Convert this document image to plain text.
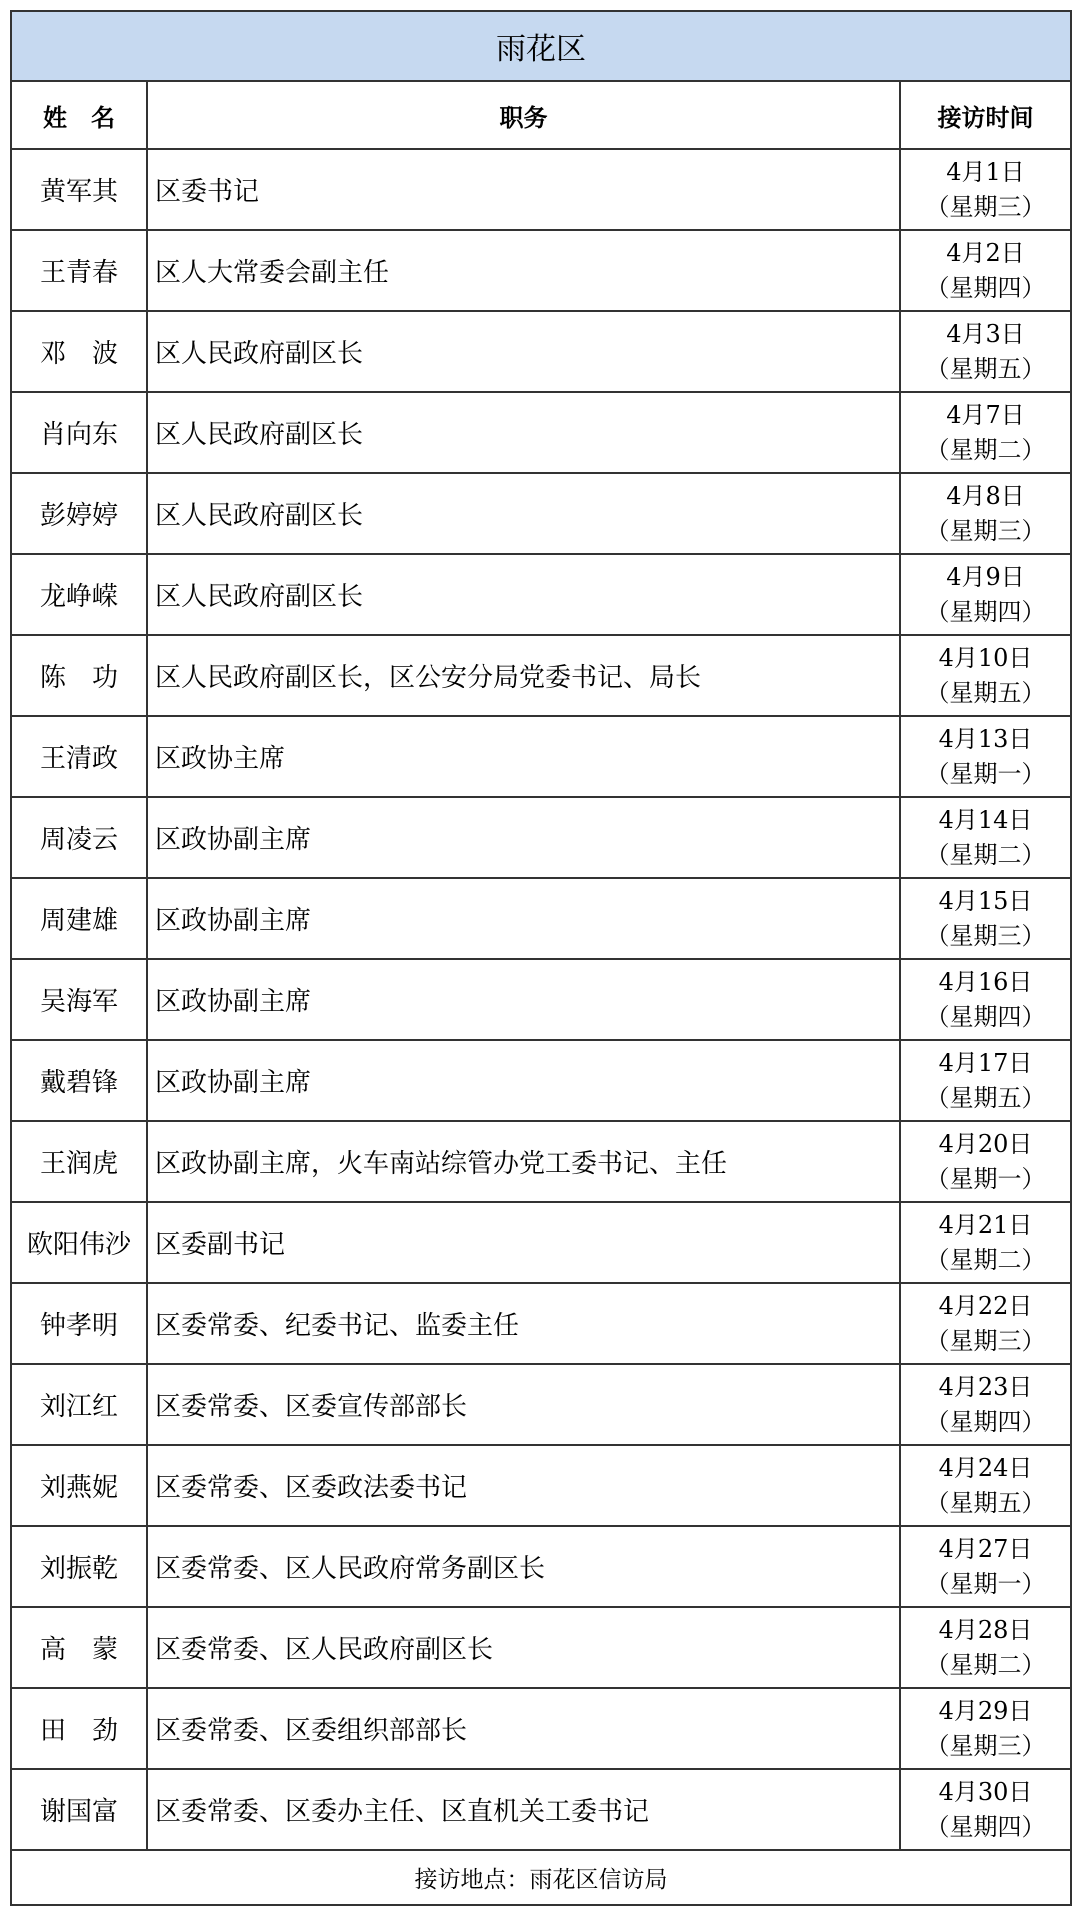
雨花区		
姓　名	职务	接访时间
黄军其	区委书记	4月1日
（星期三）

王青春	区人大常委会副主任	4月2日
（星期四）

邓　波	区人民政府副区长	4月3日
（星期五）

肖向东	区人民政府副区长	4月7日
（星期二）

彭婷婷	区人民政府副区长	4月8日
（星期三）

龙峥嵘	区人民政府副区长	4月9日
（星期四）

陈　功	区人民政府副区长，区公安分局党委书记、局长	4月10日
（星期五）

王清政	区政协主席	4月13日
（星期一）

周凌云	区政协副主席	4月14日
（星期二）

周建雄	区政协副主席	4月15日
（星期三）

吴海军	区政协副主席	4月16日
（星期四）

戴碧锋	区政协副主席	4月17日
（星期五）

王润虎	区政协副主席，火车南站综管办党工委书记、主任	4月20日
（星期一）

欧阳伟沙	区委副书记	4月21日
（星期二）

钟孝明	区委常委、纪委书记、监委主任	4月22日
（星期三）

刘江红	区委常委、区委宣传部部长	4月23日
（星期四）

刘燕妮	区委常委、区委政法委书记	4月24日
（星期五）

刘振乾	区委常委、区人民政府常务副区长	4月27日
（星期一）

高　蒙	区委常委、区人民政府副区长	4月28日
（星期二）

田　劲	区委常委、区委组织部部长	4月29日
（星期三）

谢国富	区委常委、区委办主任、区直机关工委书记	4月30日
（星期四）

接访地点：雨花区信访局		
